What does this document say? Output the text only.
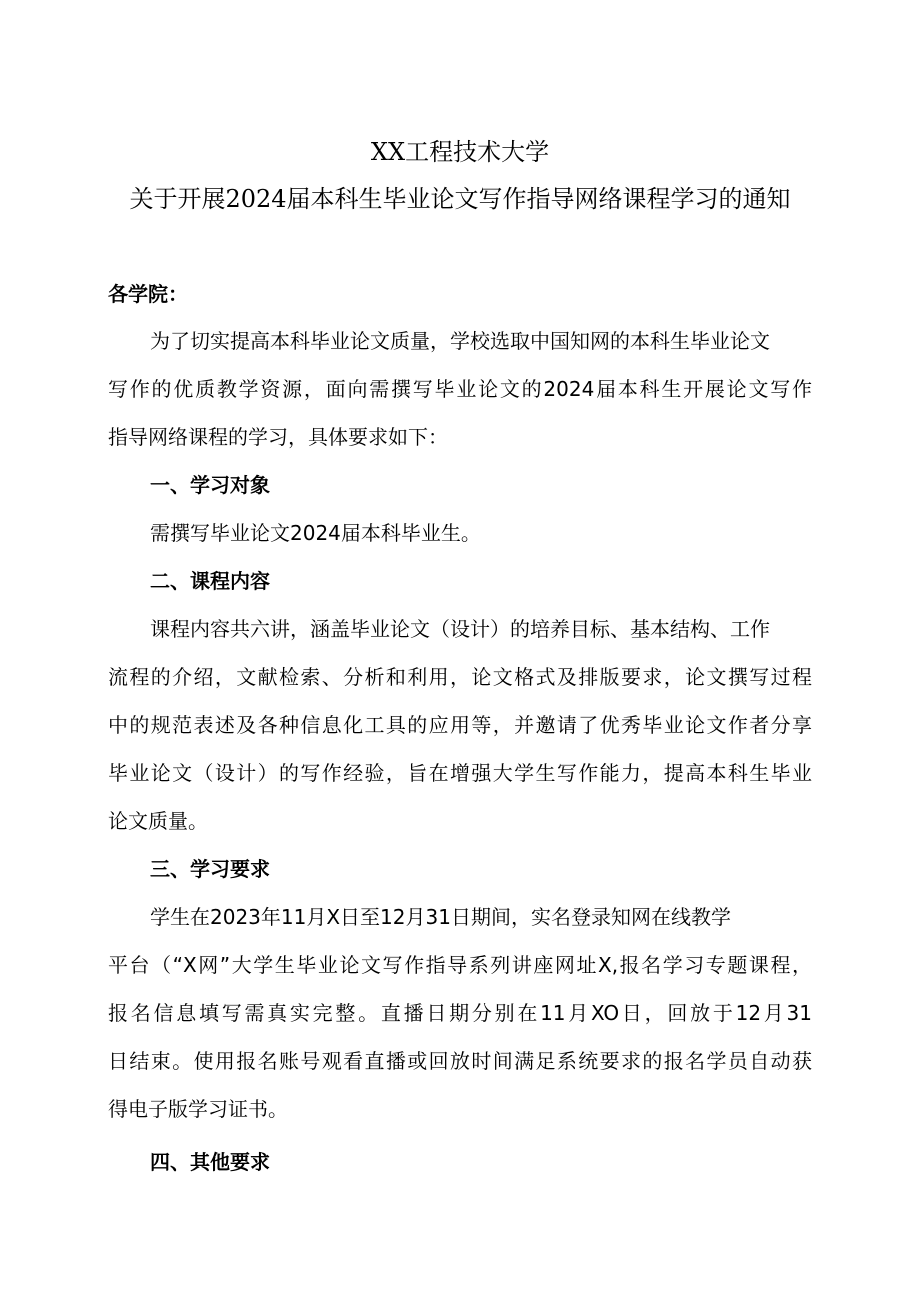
XX工程技术大学
关于开展2024届本科生毕业论文写作指导网络课程学习的通知
各学院：
为了切实提高本科毕业论文质量，学校选取中国知网的本科生毕业论文
写作的优质教学资源，面向需撰写毕业论文的2024届本科生开展论文写作
指导网络课程的学习，具体要求如下：
一、学习对象
需撰写毕业论文2024届本科毕业生。
二、课程内容
课程内容共六讲，涵盖毕业论文（设计）的培养目标、基本结构、工作
流程的介绍，文献检索、分析和利用，论文格式及排版要求，论文撰写过程
中的规范表述及各种信息化工具的应用等，并邀请了优秀毕业论文作者分享
毕业论文（设计）的写作经验，旨在增强大学生写作能力，提高本科生毕业
论文质量。
三、学习要求
学生在2023年11月X日至12月31日期间，实名登录知网在线教学
平台（“X网”大学生毕业论文写作指导系列讲座网址X,报名学习专题课程，
报名信息填写需真实完整。直播日期分别在11月XO日，回放于12月31
日结束。使用报名账号观看直播或回放时间满足系统要求的报名学员自动获
得电子版学习证书。
四、其他要求
